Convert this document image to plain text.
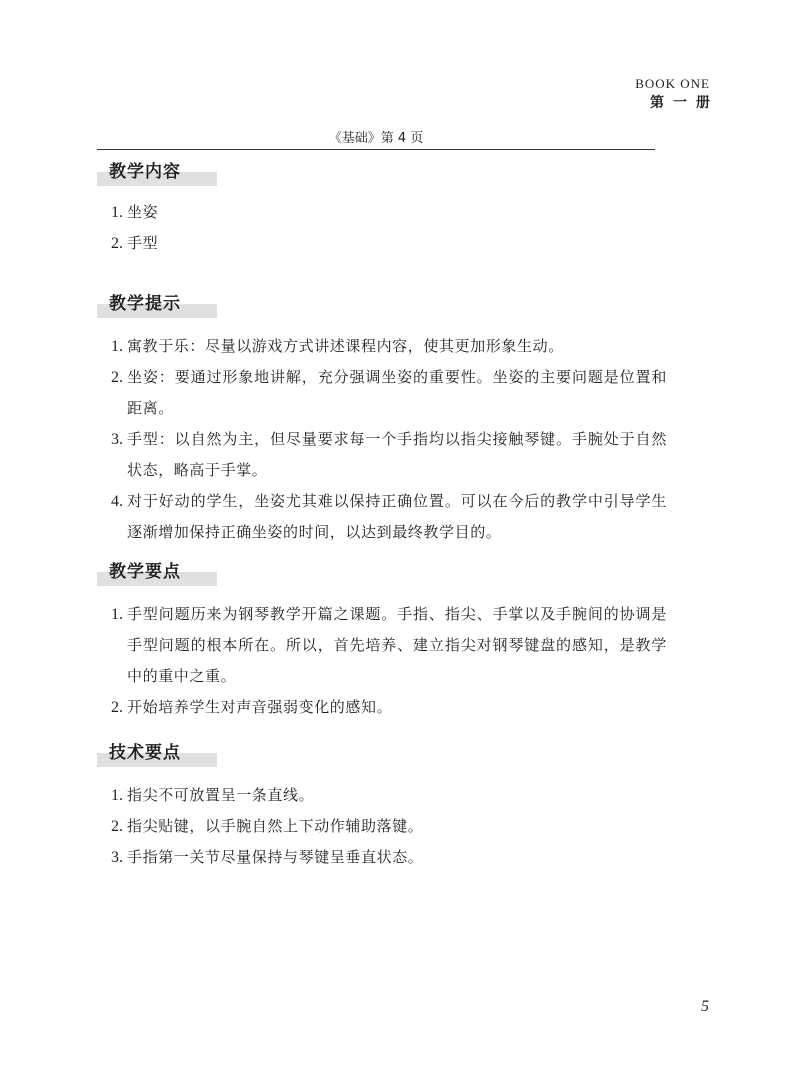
BOOK ONE
第一册
《基础》第 4 页
教学内容
1. 坐姿
2. 手型
教学提示
1. 寓教于乐：尽量以游戏方式讲述课程内容，使其更加形象生动。
2. 坐姿：要通过形象地讲解，充分强调坐姿的重要性。坐姿的主要问题是位置和距离。
3. 手型：以自然为主，但尽量要求每一个手指均以指尖接触琴键。手腕处于自然状态，略高于手掌。
4. 对于好动的学生，坐姿尤其难以保持正确位置。可以在今后的教学中引导学生逐渐增加保持正确坐姿的时间，以达到最终教学目的。
教学要点
1. 手型问题历来为钢琴教学开篇之课题。手指、指尖、手掌以及手腕间的协调是手型问题的根本所在。所以，首先培养、建立指尖对钢琴键盘的感知，是教学中的重中之重。
2. 开始培养学生对声音强弱变化的感知。
技术要点
1. 指尖不可放置呈一条直线。
2. 指尖贴键，以手腕自然上下动作辅助落键。
3. 手指第一关节尽量保持与琴键呈垂直状态。
5
